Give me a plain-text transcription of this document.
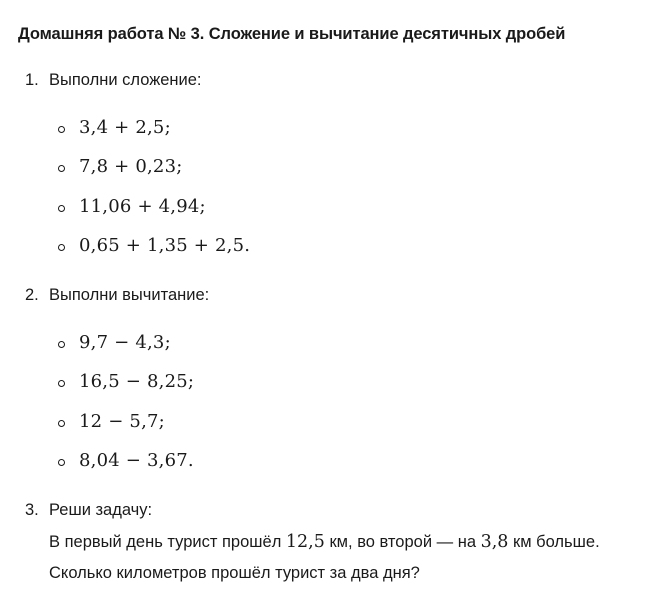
Домашняя работа № 3. Сложение и вычитание десятичных дробей
1. Выполни сложение:
3,4 + 2,5;
7,8 + 0,23;
11,06 + 4,94;
0,65 + 1,35 + 2,5.
2. Выполни вычитание:
9,7 − 4,3;
16,5 − 8,25;
12 − 5,7;
8,04 − 3,67.
3. Реши задачу:
В первый день турист прошёл 12,5 км, во второй — на 3,8 км больше.
Сколько километров прошёл турист за два дня?
